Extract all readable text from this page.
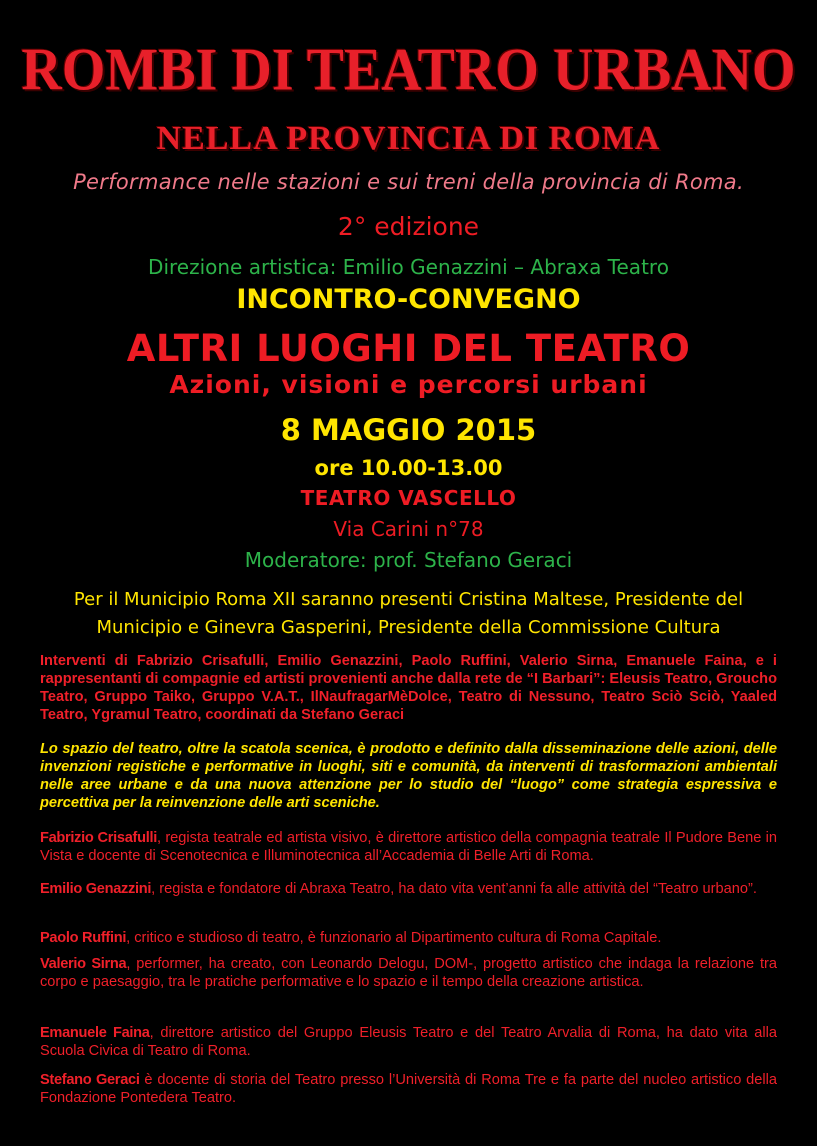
ROMBI DI TEATRO URBANO
NELLA PROVINCIA DI ROMA
Performance nelle stazioni e sui treni della provincia di Roma.
2° edizione
Direzione artistica: Emilio Genazzini – Abraxa Teatro
INCONTRO-CONVEGNO
ALTRI LUOGHI DEL TEATRO
Azioni, visioni e percorsi urbani
8 MAGGIO 2015
ore 10.00-13.00
TEATRO VASCELLO
Via Carini n°78
Moderatore: prof. Stefano Geraci
Per il Municipio Roma XII saranno presenti Cristina Maltese, Presidente del Municipio e Ginevra Gasperini, Presidente della Commissione Cultura
Interventi di Fabrizio Crisafulli, Emilio Genazzini, Paolo Ruffini, Valerio Sirna, Emanuele Faina, e i rappresentanti di compagnie ed artisti provenienti anche dalla rete de “I Barbari”: Eleusis Teatro, Groucho Teatro, Gruppo Taiko, Gruppo V.A.T., IlNaufragarMèDolce, Teatro di Nessuno, Teatro Sciò Sciò, Yaaled Teatro, Ygramul Teatro, coordinati da Stefano Geraci
Lo spazio del teatro, oltre la scatola scenica, è prodotto e definito dalla disseminazione delle azioni, delle invenzioni registiche e performative in luoghi, siti e comunità, da interventi di trasformazioni ambientali nelle aree urbane e da una nuova attenzione per lo studio del “luogo” come strategia espressiva e percettiva per la reinvenzione delle arti sceniche.
Fabrizio Crisafulli, regista teatrale ed artista visivo, è direttore artistico della compagnia teatrale Il Pudore Bene in Vista e docente di Scenotecnica e Illuminotecnica all’Accademia di Belle Arti di Roma.
Emilio Genazzini, regista e fondatore di Abraxa Teatro, ha dato vita vent’anni fa alle attività del “Teatro urbano”.
Paolo Ruffini, critico e studioso di teatro, è funzionario al Dipartimento cultura di Roma Capitale.
Valerio Sirna, performer, ha creato, con Leonardo Delogu, DOM-, progetto artistico che indaga la relazione tra corpo e paesaggio, tra le pratiche performative e lo spazio e il tempo della creazione artistica.
Emanuele Faina, direttore artistico del Gruppo Eleusis Teatro e del Teatro Arvalia di Roma, ha dato vita alla Scuola Civica di Teatro di Roma.
Stefano Geraci è docente di storia del Teatro presso l’Università di Roma Tre e fa parte del nucleo artistico della Fondazione Pontedera Teatro.
